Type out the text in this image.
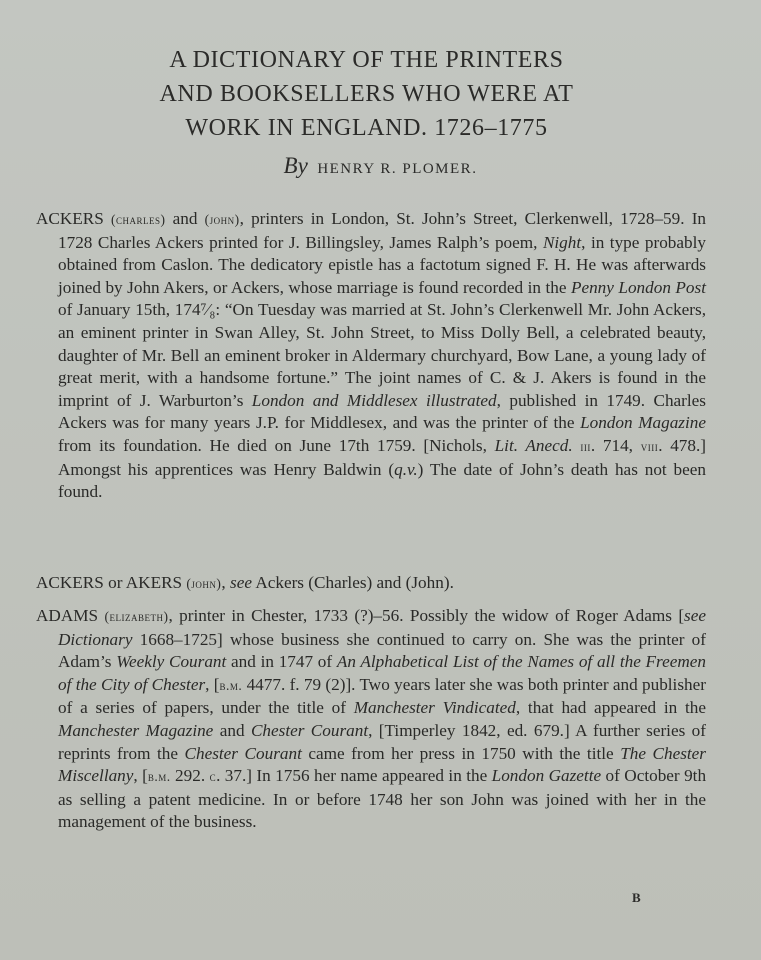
A DICTIONARY OF THE PRINTERS
AND BOOKSELLERS WHO WERE AT
WORK IN ENGLAND. 1726–1775
By HENRY R. PLOMER.

ACKERS (charles) and (john), printers in London, St. John’s Street, Clerkenwell, 1728–59. In 1728 Charles Ackers printed for J. Billingsley, James Ralph’s poem, Night, in type probably obtained from Caslon. The dedicatory epistle has a factotum signed F. H. He was afterwards joined by John Akers, or Ackers, whose marriage is found recorded in the Penny London Post of January 15th, 174⁷⁄₈: “On Tuesday was married at St. John’s Clerkenwell Mr. John Ackers, an eminent printer in Swan Alley, St. John Street, to Miss Dolly Bell, a celebrated beauty, daughter of Mr. Bell an eminent broker in Aldermary churchyard, Bow Lane, a young lady of great merit, with a handsome fortune.” The joint names of C. & J. Akers is found in the imprint of J. Warburton’s London and Middlesex illustrated, published in 1749. Charles Ackers was for many years J.P. for Middlesex, and was the printer of the London Magazine from its foundation. He died on June 17th 1759. [Nichols, Lit. Anecd. iii. 714, viii. 478.] Amongst his apprentices was Henry Baldwin (q.v.) The date of John’s death has not been found.

ACKERS or AKERS (john), see Ackers (Charles) and (John).

ADAMS (elizabeth), printer in Chester, 1733 (?)–56. Possibly the widow of Roger Adams [see Dictionary 1668–1725] whose business she continued to carry on. She was the printer of Adam’s Weekly Courant and in 1747 of An Alphabetical List of the Names of all the Freemen of the City of Chester, [b.m. 4477. f. 79 (2)]. Two years later she was both printer and publisher of a series of papers, under the title of Manchester Vindicated, that had appeared in the Manchester Magazine and Chester Courant, [Timperley 1842, ed. 679.] A further series of reprints from the Chester Courant came from her press in 1750 with the title The Chester Miscellany, [b.m. 292. c. 37.] In 1756 her name appeared in the London Gazette of October 9th as selling a patent medicine. In or before 1748 her son John was joined with her in the management of the business.

B
